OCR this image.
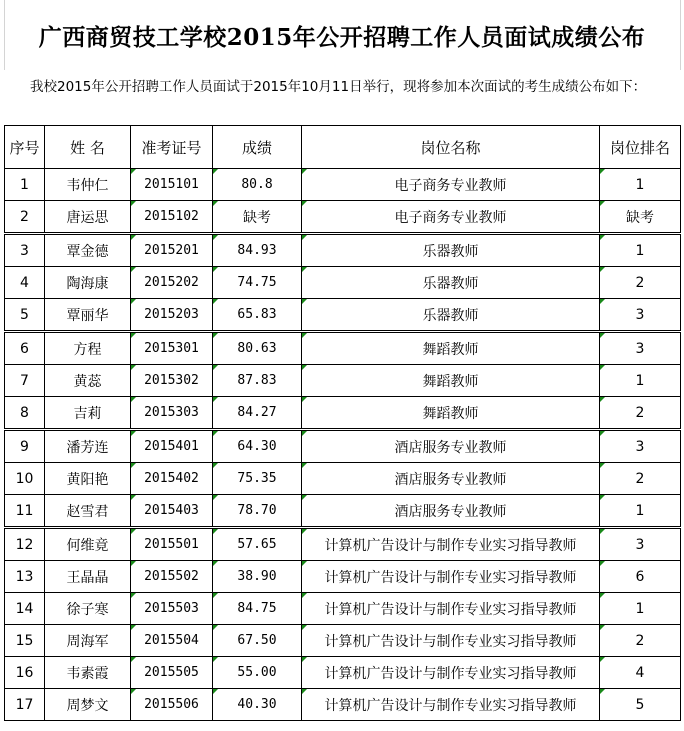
广西商贸技工学校2015年公开招聘工作人员面试成绩公布
我校2015年公开招聘工作人员面试于2015年10月11日举行，现将参加本次面试的考生成绩公布如下：
序号	姓 名	准考证号	成绩	岗位名称	岗位排名
1	韦仲仁	2015101	80.8	电子商务专业教师	1
2	唐运思	2015102	缺考	电子商务专业教师	缺考
3	覃金德	2015201	84.93	乐器教师	1
4	陶海康	2015202	74.75	乐器教师	2
5	覃丽华	2015203	65.83	乐器教师	3
6	方程	2015301	80.63	舞蹈教师	3
7	黄蕊	2015302	87.83	舞蹈教师	1
8	吉莉	2015303	84.27	舞蹈教师	2
9	潘芳连	2015401	64.30	酒店服务专业教师	3
10	黄阳艳	2015402	75.35	酒店服务专业教师	2
11	赵雪君	2015403	78.70	酒店服务专业教师	1
12	何维竟	2015501	57.65	计算机广告设计与制作专业实习指导教师	3
13	王晶晶	2015502	38.90	计算机广告设计与制作专业实习指导教师	6
14	徐子寒	2015503	84.75	计算机广告设计与制作专业实习指导教师	1
15	周海军	2015504	67.50	计算机广告设计与制作专业实习指导教师	2
16	韦素霞	2015505	55.00	计算机广告设计与制作专业实习指导教师	4
17	周梦文	2015506	40.30	计算机广告设计与制作专业实习指导教师	5
